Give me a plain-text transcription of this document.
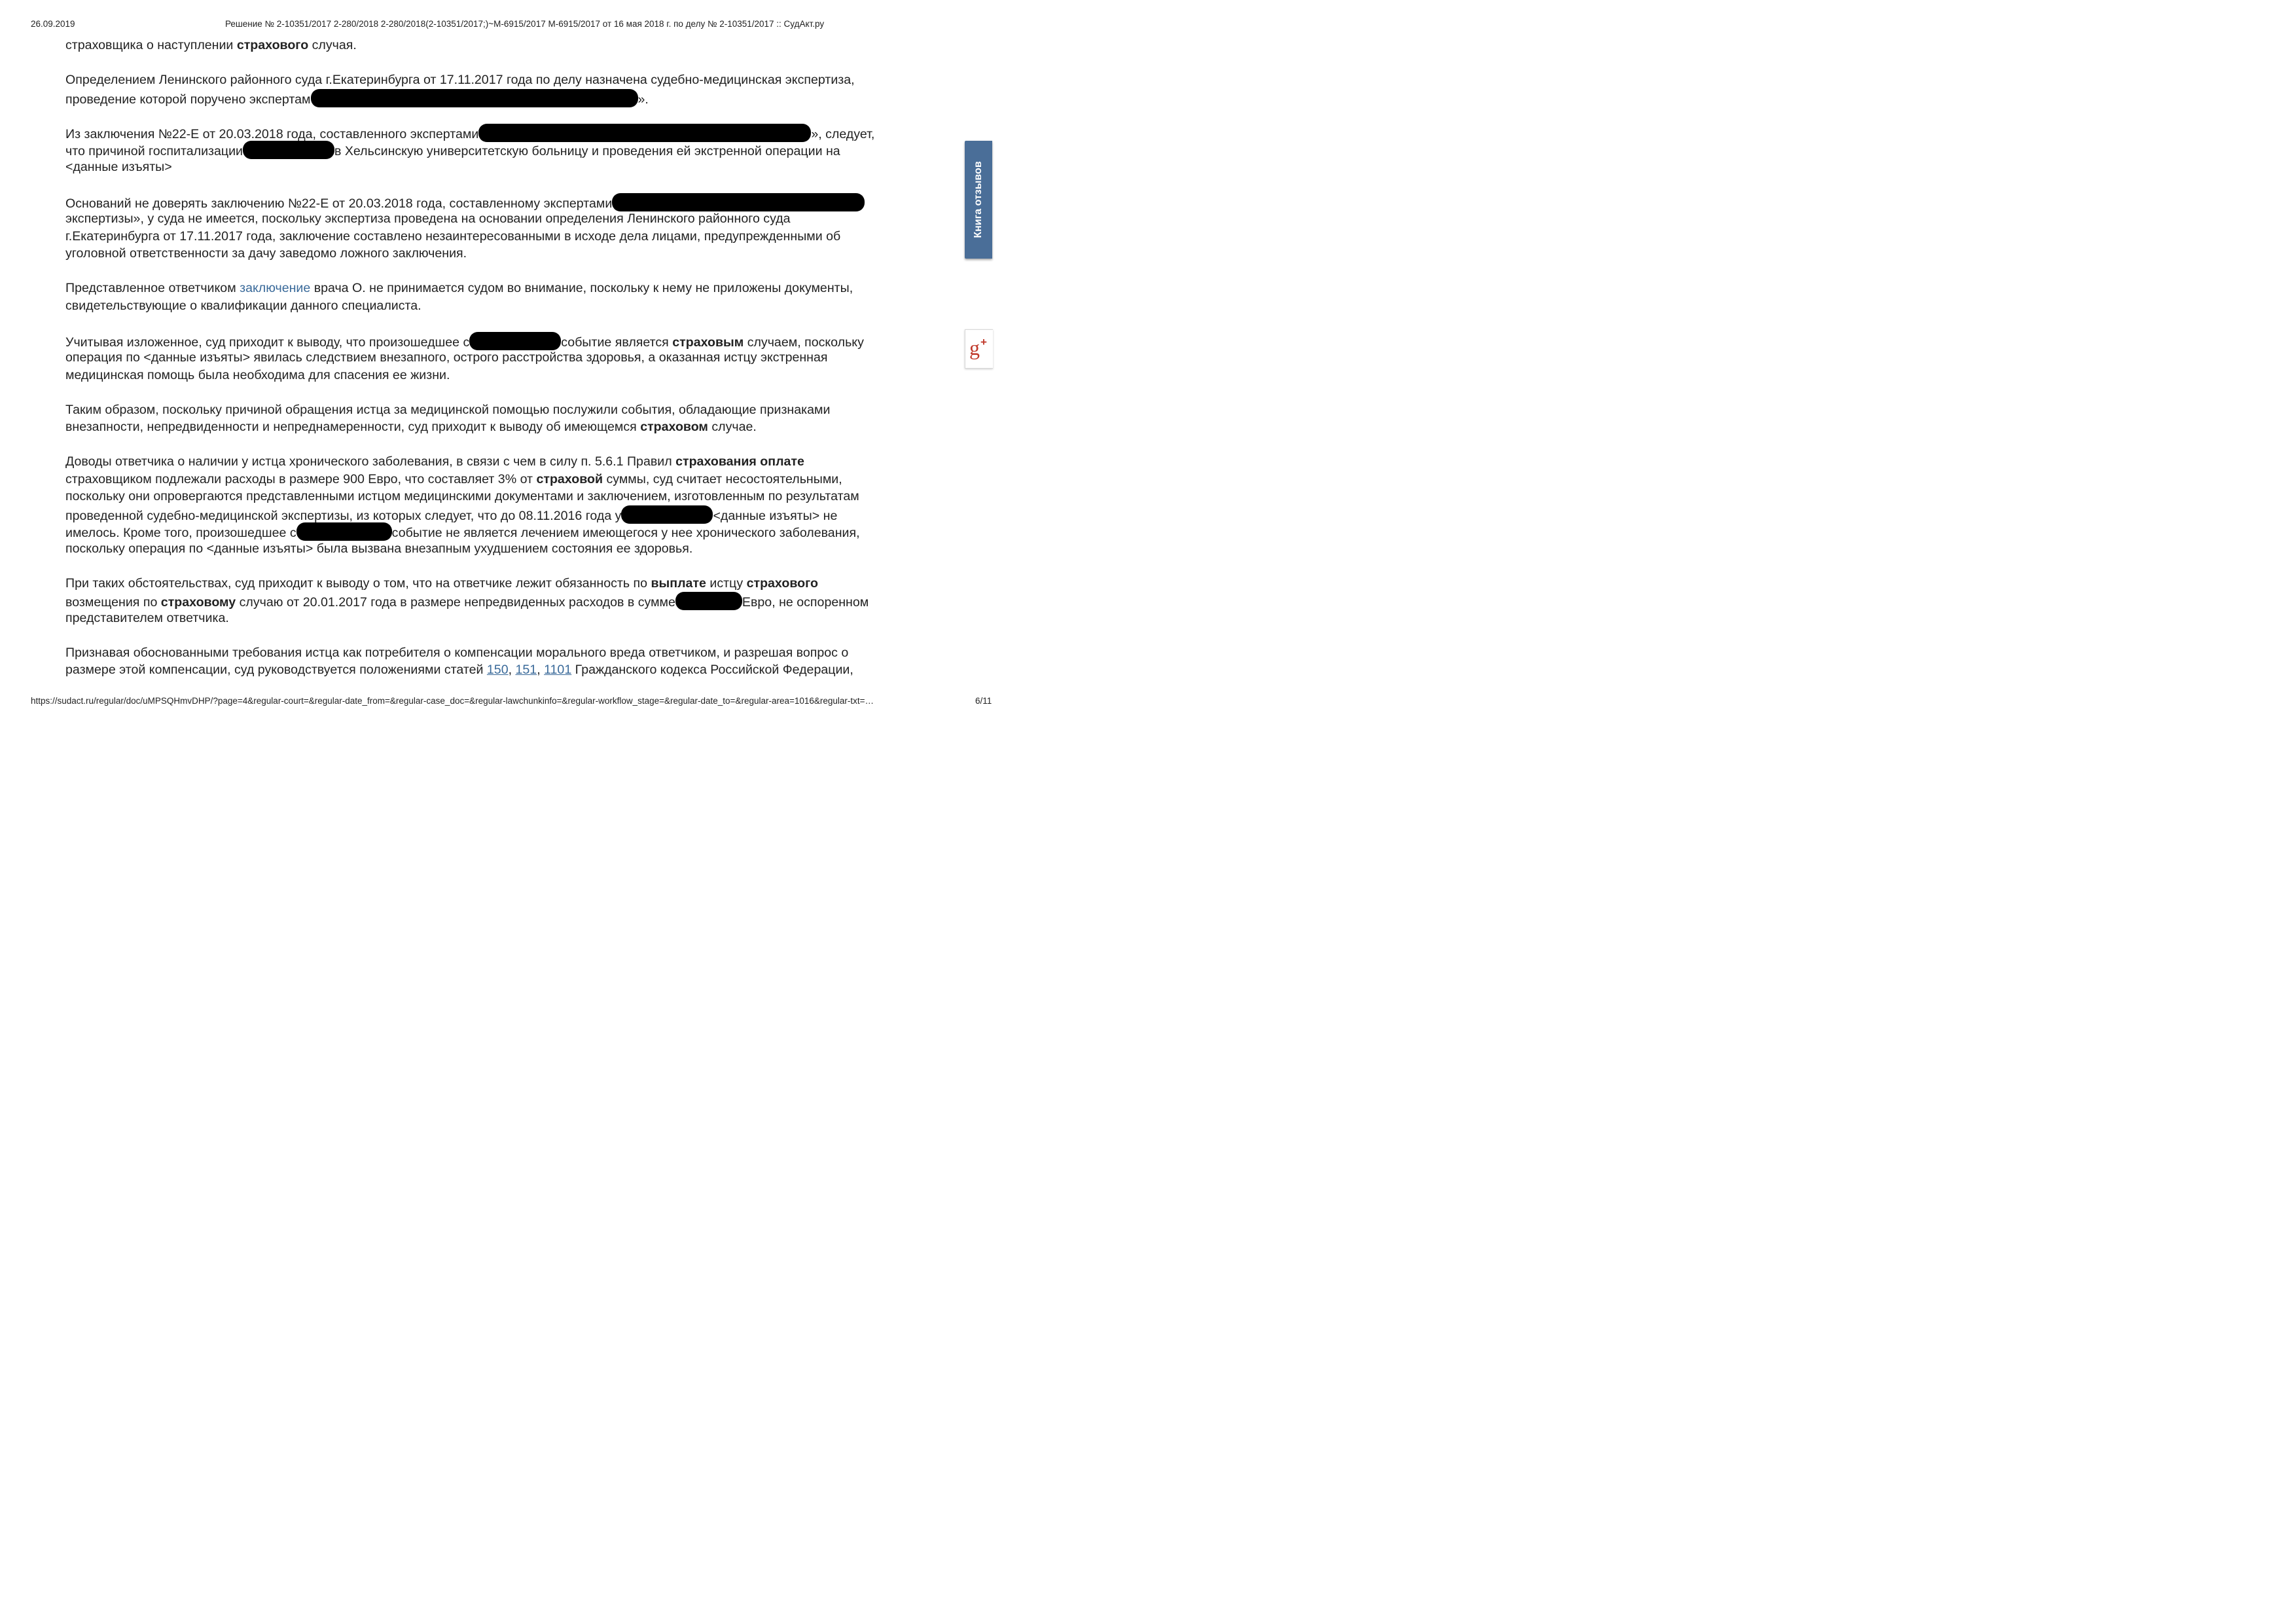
26.09.2019	Решение № 2-10351/2017 2-280/2018 2-280/2018(2-10351/2017;)~М-6915/2017 М-6915/2017 от 16 мая 2018 г. по делу № 2-10351/2017 :: СудАкт.ру
страховщика о наступлении страхового случая.
Определением Ленинского районного суда г.Екатеринбурга от 17.11.2017 года по делу назначена судебно-медицинская экспертиза,
проведение которой поручено экспертам	».
Из заключения №22-Е от 20.03.2018 года, составленного экспертами	», следует,
что причиной госпитализации	в Хельсинскую университетскую больницу и проведения ей экстренной операции на
<данные изъяты>
Оснований не доверять заключению №22-Е от 20.03.2018 года, составленному экспертами
экспертизы», у суда не имеется, поскольку экспертиза проведена на основании определения Ленинского районного суда
г.Екатеринбурга от 17.11.2017 года, заключение составлено незаинтересованными в исходе дела лицами, предупрежденными об
уголовной ответственности за дачу заведомо ложного заключения.
Представленное ответчиком заключение врача О. не принимается судом во внимание, поскольку к нему не приложены документы,
свидетельствующие о квалификации данного специалиста.
Учитывая изложенное, суд приходит к выводу, что произошедшее с	событие является страховым случаем, поскольку
операция по <данные изъяты> явилась следствием внезапного, острого расстройства здоровья, а оказанная истцу экстренная
медицинская помощь была необходима для спасения ее жизни.
Таким образом, поскольку причиной обращения истца за медицинской помощью послужили события, обладающие признаками
внезапности, непредвиденности и непреднамеренности, суд приходит к выводу об имеющемся страховом случае.
Доводы ответчика о наличии у истца хронического заболевания, в связи с чем в силу п. 5.6.1 Правил страхования оплате
страховщиком подлежали расходы в размере 900 Евро, что составляет 3% от страховой суммы, суд считает несостоятельными,
поскольку они опровергаются представленными истцом медицинскими документами и заключением, изготовленным по результатам
проведенной судебно-медицинской экспертизы, из которых следует, что до 08.11.2016 года у	<данные изъяты> не
имелось. Кроме того, произошедшее с	событие не является лечением имеющегося у нее хронического заболевания,
поскольку операция по <данные изъяты> была вызвана внезапным ухудшением состояния ее здоровья.
При таких обстоятельствах, суд приходит к выводу о том, что на ответчике лежит обязанность по выплате истцу страхового
возмещения по страховому случаю от 20.01.2017 года в размере непредвиденных расходов в сумме	Евро, не оспоренном
представителем ответчика.
Признавая обоснованными требования истца как потребителя о компенсации морального вреда ответчиком, и разрешая вопрос о
размере этой компенсации, суд руководствуется положениями статей 150, 151, 1101 Гражданского кодекса Российской Федерации,
Книга отзывов
g +
https://sudact.ru/regular/doc/uMPSQHmvDHP/?page=4&regular-court=&regular-date_from=&regular-case_doc=&regular-lawchunkinfo=&regular-workflow_stage=&regular-date_to=&regular-area=1016&regular-txt=…	6/11
